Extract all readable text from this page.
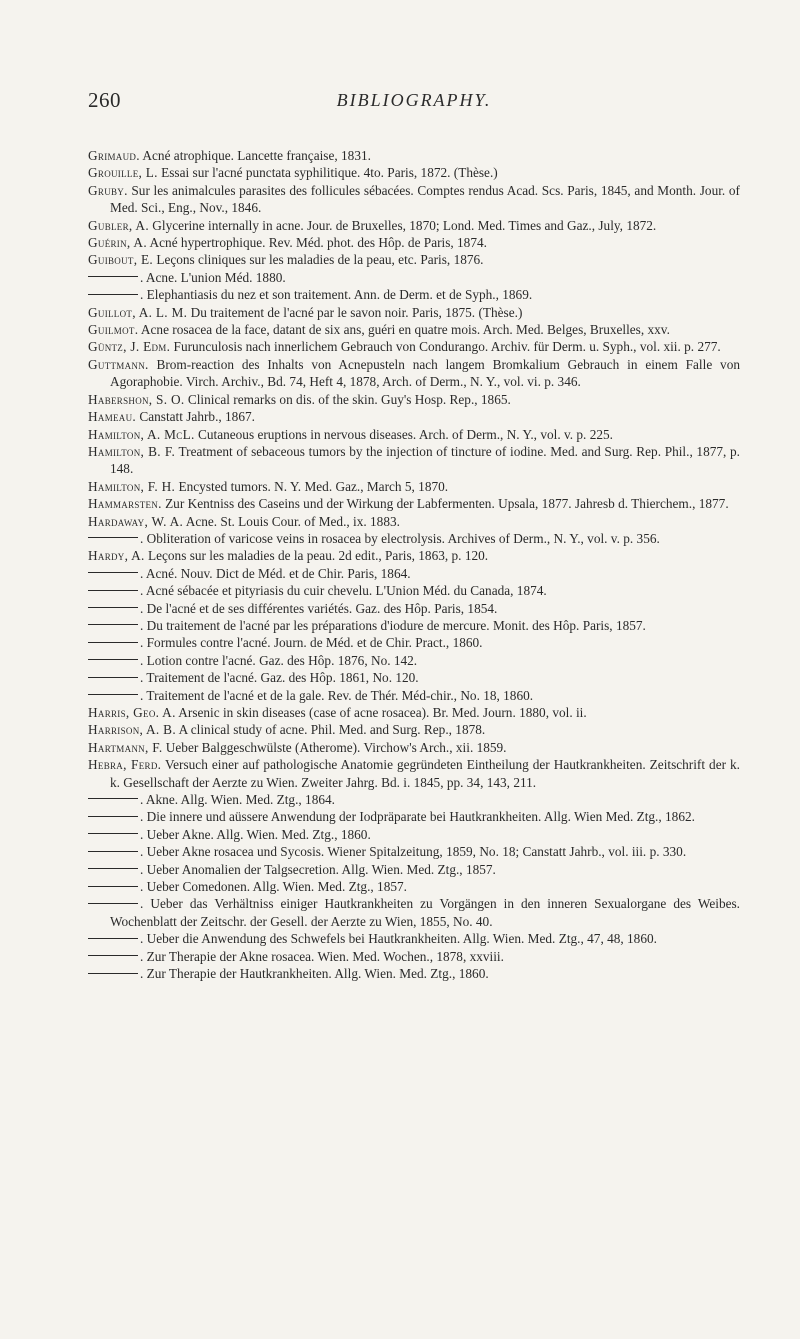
260	BIBLIOGRAPHY.

Grimaud. Acné atrophique. Lancette française, 1831.

Grouille, L. Essai sur l'acné punctata syphilitique. 4to. Paris, 1872. (Thèse.)

Gruby. Sur les animalcules parasites des follicules sébacées. Comptes rendus Acad. Scs. Paris, 1845, and Month. Jour. of Med. Sci., Eng., Nov., 1846.

Gubler, A. Glycerine internally in acne. Jour. de Bruxelles, 1870; Lond. Med. Times and Gaz., July, 1872.

Guérin, A. Acné hypertrophique. Rev. Méd. phot. des Hôp. de Paris, 1874.

Guibout, E. Leçons cliniques sur les maladies de la peau, etc. Paris, 1876.

. Acne. L'union Méd. 1880.

. Elephantiasis du nez et son traitement. Ann. de Derm. et de Syph., 1869.

Guillot, A. L. M. Du traitement de l'acné par le savon noir. Paris, 1875. (Thèse.)

Guilmot. Acne rosacea de la face, datant de six ans, guéri en quatre mois. Arch. Med. Belges, Bruxelles, xxv.

Güntz, J. Edm. Furunculosis nach innerlichem Gebrauch von Condurango. Archiv. für Derm. u. Syph., vol. xii. p. 277.

Guttmann. Brom-reaction des Inhalts von Acnepusteln nach langem Bromkalium Gebrauch in einem Falle von Agoraphobie. Virch. Archiv., Bd. 74, Heft 4, 1878, Arch. of Derm., N. Y., vol. vi. p. 346.

Habershon, S. O. Clinical remarks on dis. of the skin. Guy's Hosp. Rep., 1865.

Hameau. Canstatt Jahrb., 1867.

Hamilton, A. McL. Cutaneous eruptions in nervous diseases. Arch. of Derm., N. Y., vol. v. p. 225.

Hamilton, B. F. Treatment of sebaceous tumors by the injection of tincture of iodine. Med. and Surg. Rep. Phil., 1877, p. 148.

Hamilton, F. H. Encysted tumors. N. Y. Med. Gaz., March 5, 1870.

Hammarsten. Zur Kentniss des Caseins und der Wirkung der Labfermenten. Upsala, 1877. Jahresb d. Thierchem., 1877.

Hardaway, W. A. Acne. St. Louis Cour. of Med., ix. 1883.

. Obliteration of varicose veins in rosacea by electrolysis. Archives of Derm., N. Y., vol. v. p. 356.

Hardy, A. Leçons sur les maladies de la peau. 2d edit., Paris, 1863, p. 120.

. Acné. Nouv. Dict de Méd. et de Chir. Paris, 1864.

. Acné sébacée et pityriasis du cuir chevelu. L'Union Méd. du Canada, 1874.

. De l'acné et de ses différentes variétés. Gaz. des Hôp. Paris, 1854.

. Du traitement de l'acné par les préparations d'iodure de mercure. Monit. des Hôp. Paris, 1857.

. Formules contre l'acné. Journ. de Méd. et de Chir. Pract., 1860.

. Lotion contre l'acné. Gaz. des Hôp. 1876, No. 142.

. Traitement de l'acné. Gaz. des Hôp. 1861, No. 120.

. Traitement de l'acné et de la gale. Rev. de Thér. Méd-chir., No. 18, 1860.

Harris, Geo. A. Arsenic in skin diseases (case of acne rosacea). Br. Med. Journ. 1880, vol. ii.

Harrison, A. B. A clinical study of acne. Phil. Med. and Surg. Rep., 1878.

Hartmann, F. Ueber Balggeschwülste (Atherome). Virchow's Arch., xii. 1859.

Hebra, Ferd. Versuch einer auf pathologische Anatomie gegründeten Eintheilung der Hautkrankheiten. Zeitschrift der k. k. Gesellschaft der Aerzte zu Wien. Zweiter Jahrg. Bd. i. 1845, pp. 34, 143, 211.

. Akne. Allg. Wien. Med. Ztg., 1864.

. Die innere und aüssere Anwendung der Iodpräparate bei Hautkrankheiten. Allg. Wien Med. Ztg., 1862.

. Ueber Akne. Allg. Wien. Med. Ztg., 1860.

. Ueber Akne rosacea und Sycosis. Wiener Spitalzeitung, 1859, No. 18; Canstatt Jahrb., vol. iii. p. 330.

. Ueber Anomalien der Talgsecretion. Allg. Wien. Med. Ztg., 1857.

. Ueber Comedonen. Allg. Wien. Med. Ztg., 1857.

. Ueber das Verhältniss einiger Hautkrankheiten zu Vorgängen in den inneren Sexualorgane des Weibes. Wochenblatt der Zeitschr. der Gesell. der Aerzte zu Wien, 1855, No. 40.

. Ueber die Anwendung des Schwefels bei Hautkrankheiten. Allg. Wien. Med. Ztg., 47, 48, 1860.

. Zur Therapie der Akne rosacea. Wien. Med. Wochen., 1878, xxviii.

. Zur Therapie der Hautkrankheiten. Allg. Wien. Med. Ztg., 1860.
